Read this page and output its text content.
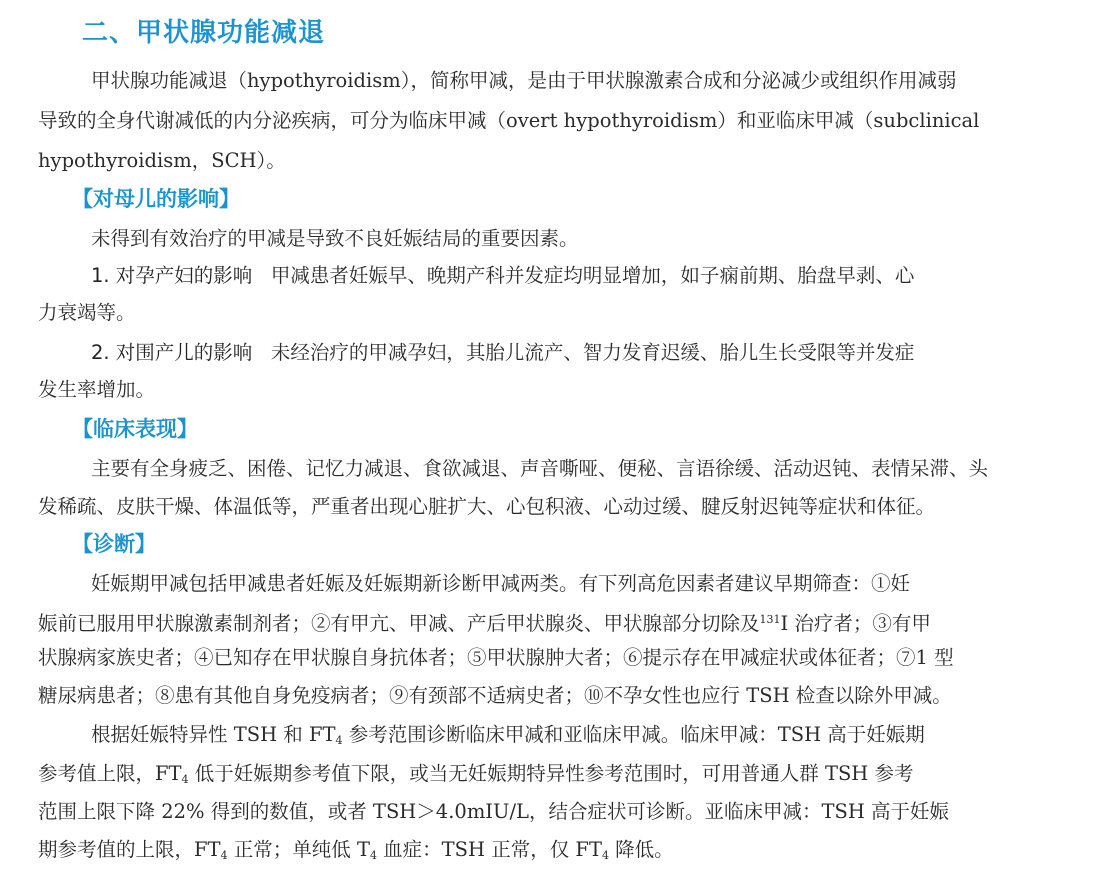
二、甲状腺功能减退
甲状腺功能减退（hypothyroidism），简称甲减，是由于甲状腺激素合成和分泌减少或组织作用减弱
导致的全身代谢减低的内分泌疾病，可分为临床甲减（overt hypothyroidism）和亚临床甲减（subclinical
hypothyroidism，SCH）。
【对母儿的影响】
未得到有效治疗的甲减是导致不良妊娠结局的重要因素。
1. 对孕产妇的影响 甲减患者妊娠早、晚期产科并发症均明显增加，如子痫前期、胎盘早剥、心
力衰竭等。
2. 对围产儿的影响 未经治疗的甲减孕妇，其胎儿流产、智力发育迟缓、胎儿生长受限等并发症
发生率增加。
【临床表现】
主要有全身疲乏、困倦、记忆力减退、食欲减退、声音嘶哑、便秘、言语徐缓、活动迟钝、表情呆滞、头
发稀疏、皮肤干燥、体温低等，严重者出现心脏扩大、心包积液、心动过缓、腱反射迟钝等症状和体征。
【诊断】
妊娠期甲减包括甲减患者妊娠及妊娠期新诊断甲减两类。有下列高危因素者建议早期筛查：①妊
娠前已服用甲状腺激素制剂者；②有甲亢、甲减、产后甲状腺炎、甲状腺部分切除及$^{131}$I 治疗者；③有甲
状腺病家族史者；④已知存在甲状腺自身抗体者；⑤甲状腺肿大者；⑥提示存在甲减症状或体征者；⑦1 型
糖尿病患者；⑧患有其他自身免疫病者；⑨有颈部不适病史者；⑩不孕女性也应行 TSH 检查以除外甲减。
根据妊娠特异性 TSH 和 $FT_4$ 参考范围诊断临床甲减和亚临床甲减。临床甲减：TSH 高于妊娠期
参考值上限，$FT_4$ 低于妊娠期参考值下限，或当无妊娠期特异性参考范围时，可用普通人群 TSH 参考
范围上限下降 22% 得到的数值，或者 TSH＞4.0mIU/L，结合症状可诊断。亚临床甲减：TSH 高于妊娠
期参考值的上限，$FT_4$ 正常；单纯低 $T_4$ 血症：TSH 正常，仅 $FT_4$ 降低。
